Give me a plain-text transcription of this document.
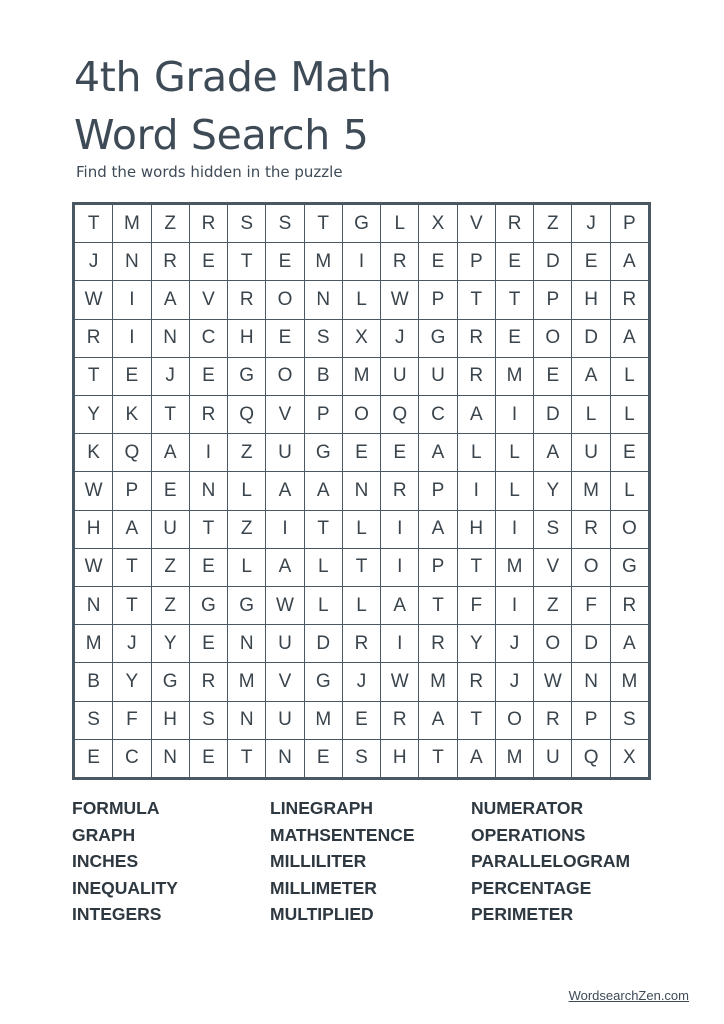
4th Grade Math
Word Search 5
Find the words hidden in the puzzle
T	M	Z	R	S	S	T	G	L	X	V	R	Z	J	P
J	N	R	E	T	E	M	I	R	E	P	E	D	E	A
W	I	A	V	R	O	N	L	W	P	T	T	P	H	R
R	I	N	C	H	E	S	X	J	G	R	E	O	D	A
T	E	J	E	G	O	B	M	U	U	R	M	E	A	L
Y	K	T	R	Q	V	P	O	Q	C	A	I	D	L	L
K	Q	A	I	Z	U	G	E	E	A	L	L	A	U	E
W	P	E	N	L	A	A	N	R	P	I	L	Y	M	L
H	A	U	T	Z	I	T	L	I	A	H	I	S	R	O
W	T	Z	E	L	A	L	T	I	P	T	M	V	O	G
N	T	Z	G	G	W	L	L	A	T	F	I	Z	F	R
M	J	Y	E	N	U	D	R	I	R	Y	J	O	D	A
B	Y	G	R	M	V	G	J	W	M	R	J	W	N	M
S	F	H	S	N	U	M	E	R	A	T	O	R	P	S
E	C	N	E	T	N	E	S	H	T	A	M	U	Q	X
FORMULA
GRAPH
INCHES
INEQUALITY
INTEGERS
LINEGRAPH
MATHSENTENCE
MILLILITER
MILLIMETER
MULTIPLIED
NUMERATOR
OPERATIONS
PARALLELOGRAM
PERCENTAGE
PERIMETER
WordsearchZen.com
